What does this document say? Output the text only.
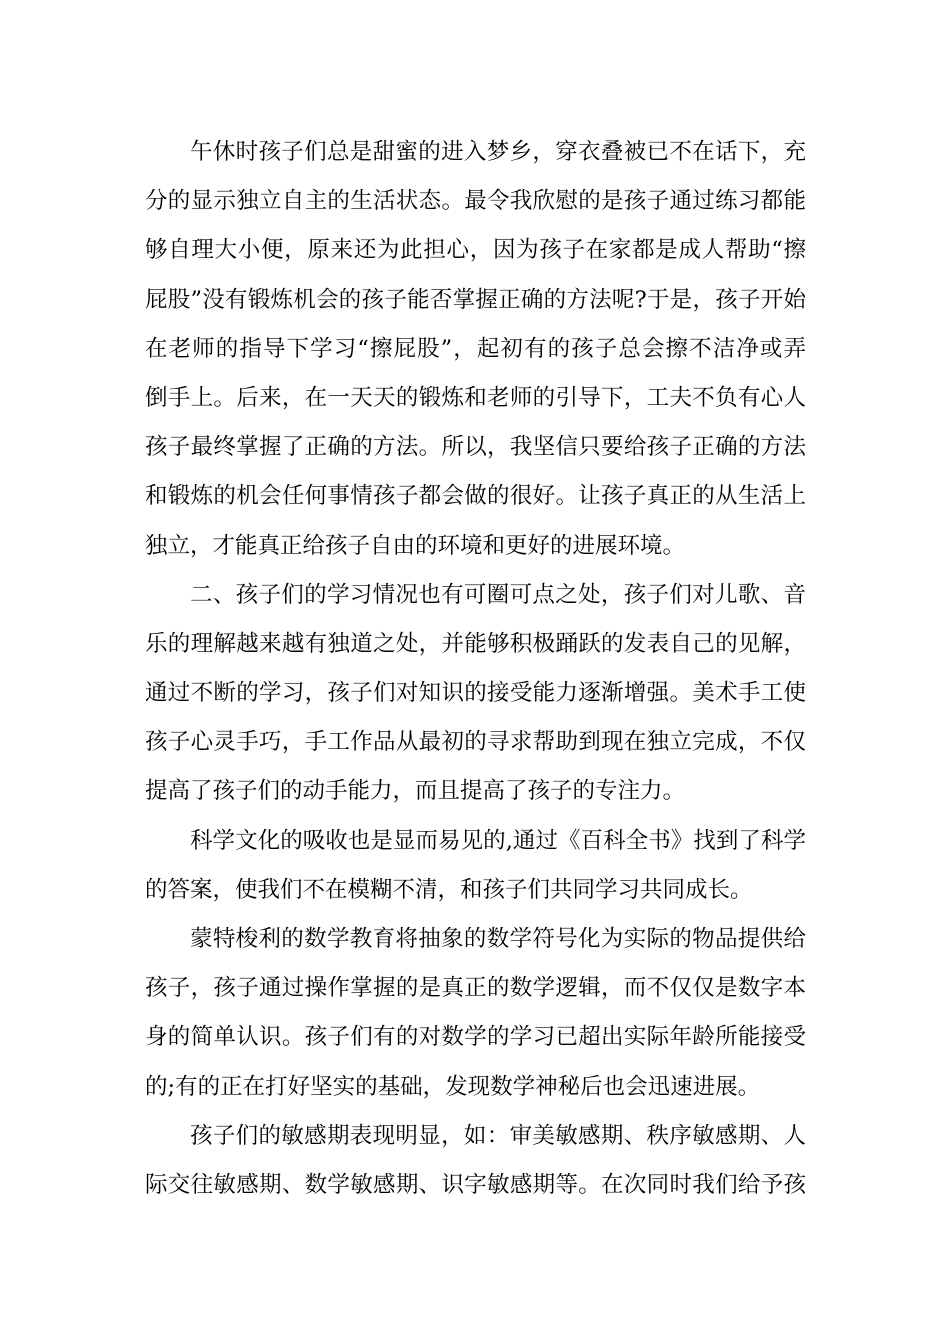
午休时孩子们总是甜蜜的进入梦乡，穿衣叠被已不在话下，充
分的显示独立自主的生活状态。最令我欣慰的是孩子通过练习都能
够自理大小便，原来还为此担心，因为孩子在家都是成人帮助“擦
屁股”没有锻炼机会的孩子能否掌握正确的方法呢?于是，孩子开始
在老师的指导下学习“擦屁股”，起初有的孩子总会擦不洁净或弄
倒手上。后来，在一天天的锻炼和老师的引导下，工夫不负有心人
孩子最终掌握了正确的方法。所以，我坚信只要给孩子正确的方法
和锻炼的机会任何事情孩子都会做的很好。让孩子真正的从生活上
独立，才能真正给孩子自由的环境和更好的进展环境。
二、孩子们的学习情况也有可圈可点之处，孩子们对儿歌、音
乐的理解越来越有独道之处，并能够积极踊跃的发表自己的见解，
通过不断的学习，孩子们对知识的接受能力逐渐增强。美术手工使
孩子心灵手巧，手工作品从最初的寻求帮助到现在独立完成，不仅
提高了孩子们的动手能力，而且提高了孩子的专注力。
科学文化的吸收也是显而易见的,通过《百科全书》找到了科学
的答案，使我们不在模糊不清，和孩子们共同学习共同成长。
蒙特梭利的数学教育将抽象的数学符号化为实际的物品提供给
孩子，孩子通过操作掌握的是真正的数学逻辑，而不仅仅是数字本
身的简单认识。孩子们有的对数学的学习已超出实际年龄所能接受
的;有的正在打好坚实的基础，发现数学神秘后也会迅速进展。
孩子们的敏感期表现明显，如：审美敏感期、秩序敏感期、人
际交往敏感期、数学敏感期、识字敏感期等。在次同时我们给予孩
